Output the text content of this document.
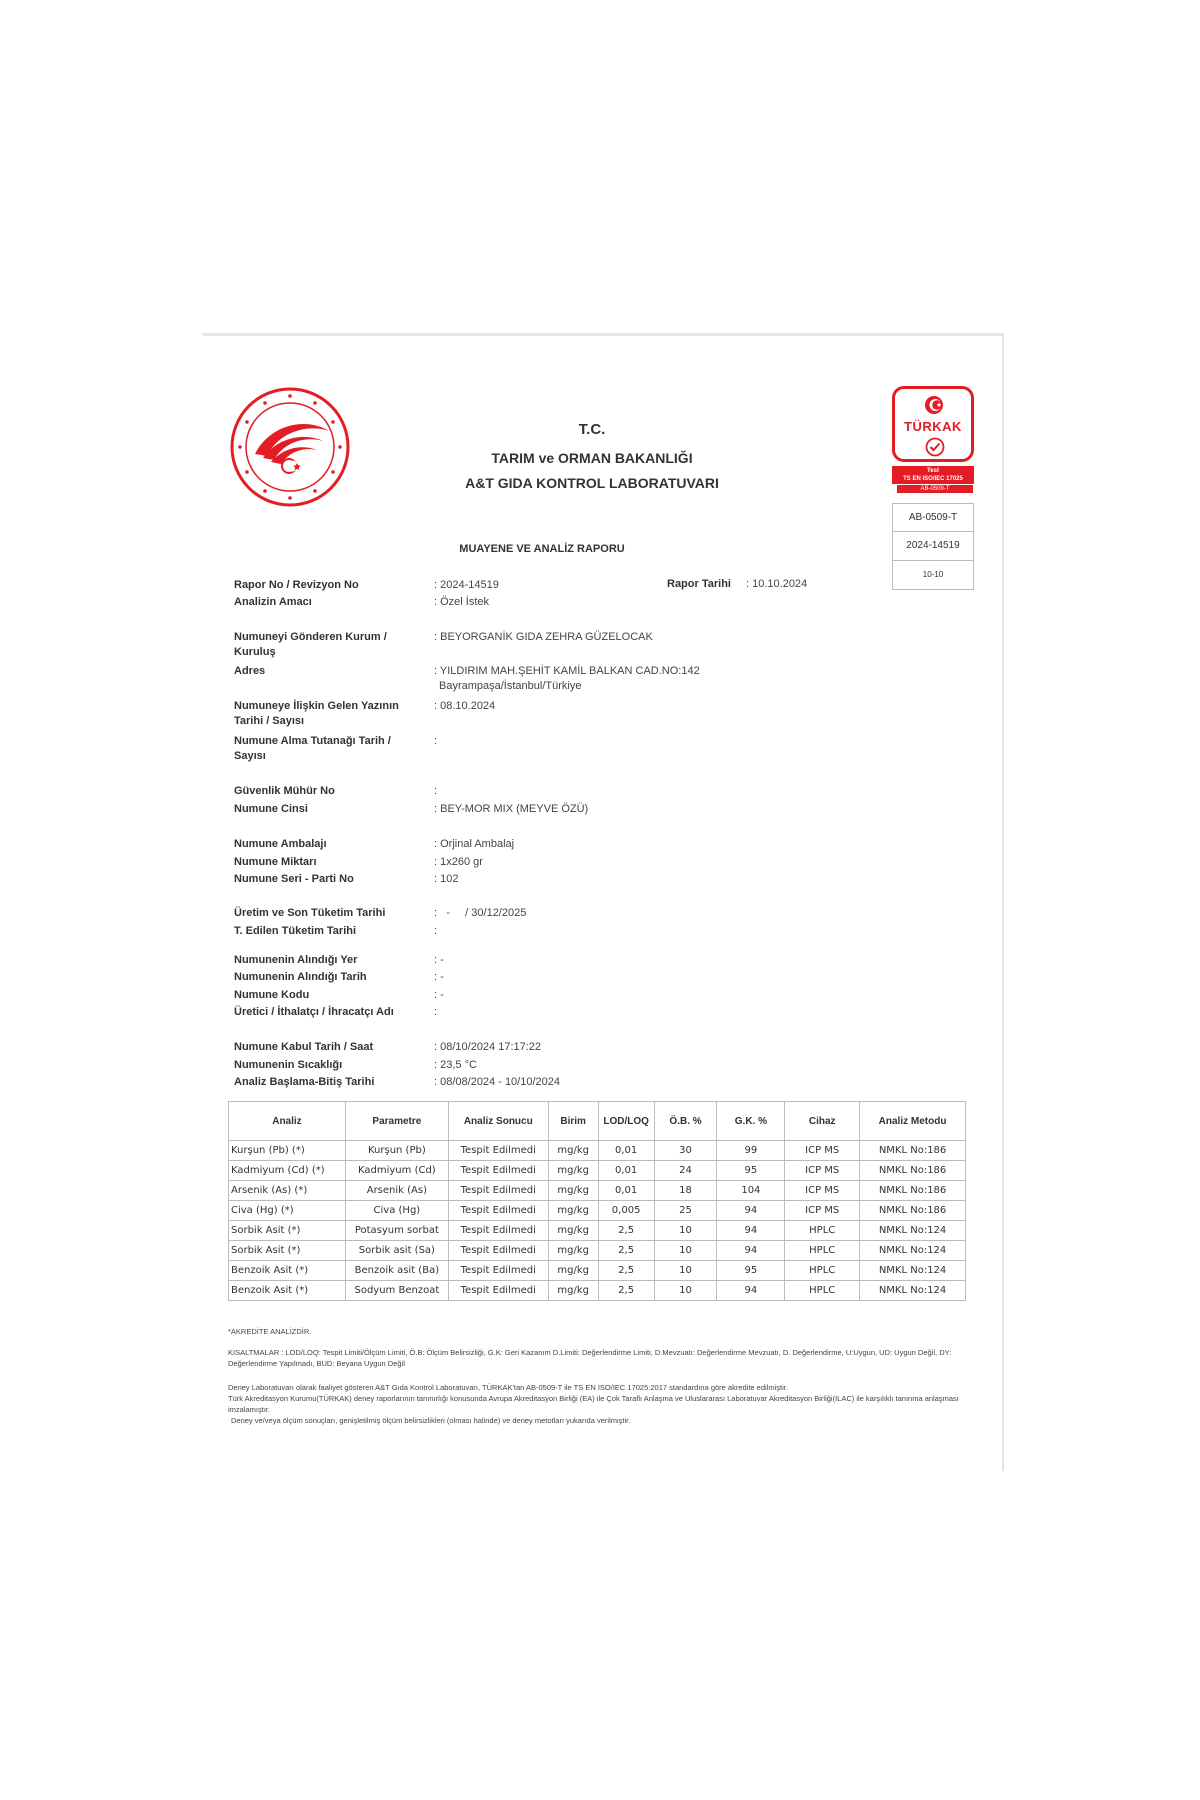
T.C.
TARIM ve ORMAN BAKANLIĞI
A&T GIDA KONTROL LABORATUVARI
TÜRKAK
Test
TS EN ISO/IEC 17025
AB-0509-T
AB-0509-T
2024-14519
10-10
MUAYENE VE ANALİZ RAPORU
Rapor No / Revizyon No	: 2024-14519	Rapor Tarihi : 10.10.2024
Analizin Amacı	: Özel İstek
Numuneyi Gönderen Kurum / Kuruluş
: BEYORGANİK GIDA ZEHRA GÜZELOCAK
Adres	: YILDIRIM MAH.ŞEHİT KAMİL BALKAN CAD.NO:142
Bayrampaşa/İstanbul/Türkiye
Numuneye İlişkin Gelen Yazının Tarihi / Sayısı
: 08.10.2024
Numune Alma Tutanağı Tarih / Sayısı
:
Güvenlik Mühür No	:
Numune Cinsi	: BEY-MOR MIX (MEYVE ÖZÜ)
Numune Ambalajı	: Orjinal Ambalaj
Numune Miktarı	: 1x260 gr
Numune Seri - Parti No	: 102
Üretim ve Son Tüketim Tarihi	:   -     / 30/12/2025
T. Edilen Tüketim Tarihi	:
Numunenin Alındığı Yer	: -
Numunenin Alındığı Tarih	: -
Numune Kodu	: -
Üretici / İthalatçı / İhracatçı Adı	:
Numune Kabul Tarih / Saat	: 08/10/2024 17:17:22
Numunenin Sıcaklığı	: 23,5 °C
Analiz Başlama-Bitiş Tarihi	: 08/08/2024 - 10/10/2024
Analiz	Parametre	Analiz Sonucu	Birim	LOD/LOQ	Ö.B. %	G.K. %	Cihaz	Analiz Metodu
Kurşun (Pb) (*)	Kurşun (Pb)	Tespit Edilmedi	mg/kg	0,01	30	99	ICP MS	NMKL No:186
Kadmiyum (Cd) (*)	Kadmiyum (Cd)	Tespit Edilmedi	mg/kg	0,01	24	95	ICP MS	NMKL No:186
Arsenik (As) (*)	Arsenik (As)	Tespit Edilmedi	mg/kg	0,01	18	104	ICP MS	NMKL No:186
Civa (Hg) (*)	Civa (Hg)	Tespit Edilmedi	mg/kg	0,005	25	94	ICP MS	NMKL No:186
Sorbik Asit (*)	Potasyum sorbat	Tespit Edilmedi	mg/kg	2,5	10	94	HPLC	NMKL No:124
Sorbik Asit (*)	Sorbik asit (Sa)	Tespit Edilmedi	mg/kg	2,5	10	94	HPLC	NMKL No:124
Benzoik Asit (*)	Benzoik asit (Ba)	Tespit Edilmedi	mg/kg	2,5	10	95	HPLC	NMKL No:124
Benzoik Asit (*)	Sodyum Benzoat	Tespit Edilmedi	mg/kg	2,5	10	94	HPLC	NMKL No:124
*AKREDİTE ANALİZDİR.
KISALTMALAR : LOD/LOQ: Tespit Limiti/Ölçüm Limiti, Ö.B: Ölçüm Belirsizliği, G.K: Geri Kazanım D.Limiti: Değerlendirme Limiti, D.Mevzuatı: Değerlendirme Mevzuatı, D. Değerlendirme, U:Uygun, UD: Uygun Değil, DY: Değerlendirme Yapılmadı, BUD: Beyana Uygun Değil
Deney Laboratuvarı olarak faaliyet gösteren A&T Gıda Kontrol Laboratuvarı, TÜRKAK'tan AB-0509-T ile TS EN ISO/IEC 17025:2017 standardına göre akredite edilmiştir.
Türk Akreditasyon Kurumu(TÜRKAK) deney raporlarının tanınırlığı konusunda Avrupa Akreditasyon Birliği (EA) ile Çok Taraflı Anlaşma ve Uluslararası Laboratuvar Akreditasyon Birliği(ILAC) ile karşılıklı tanınma anlaşması imzalamıştır.
Deney ve/veya ölçüm sonuçları, genişletilmiş ölçüm belirsizlikleri (olması halinde) ve deney metotları yukarıda verilmiştir.
